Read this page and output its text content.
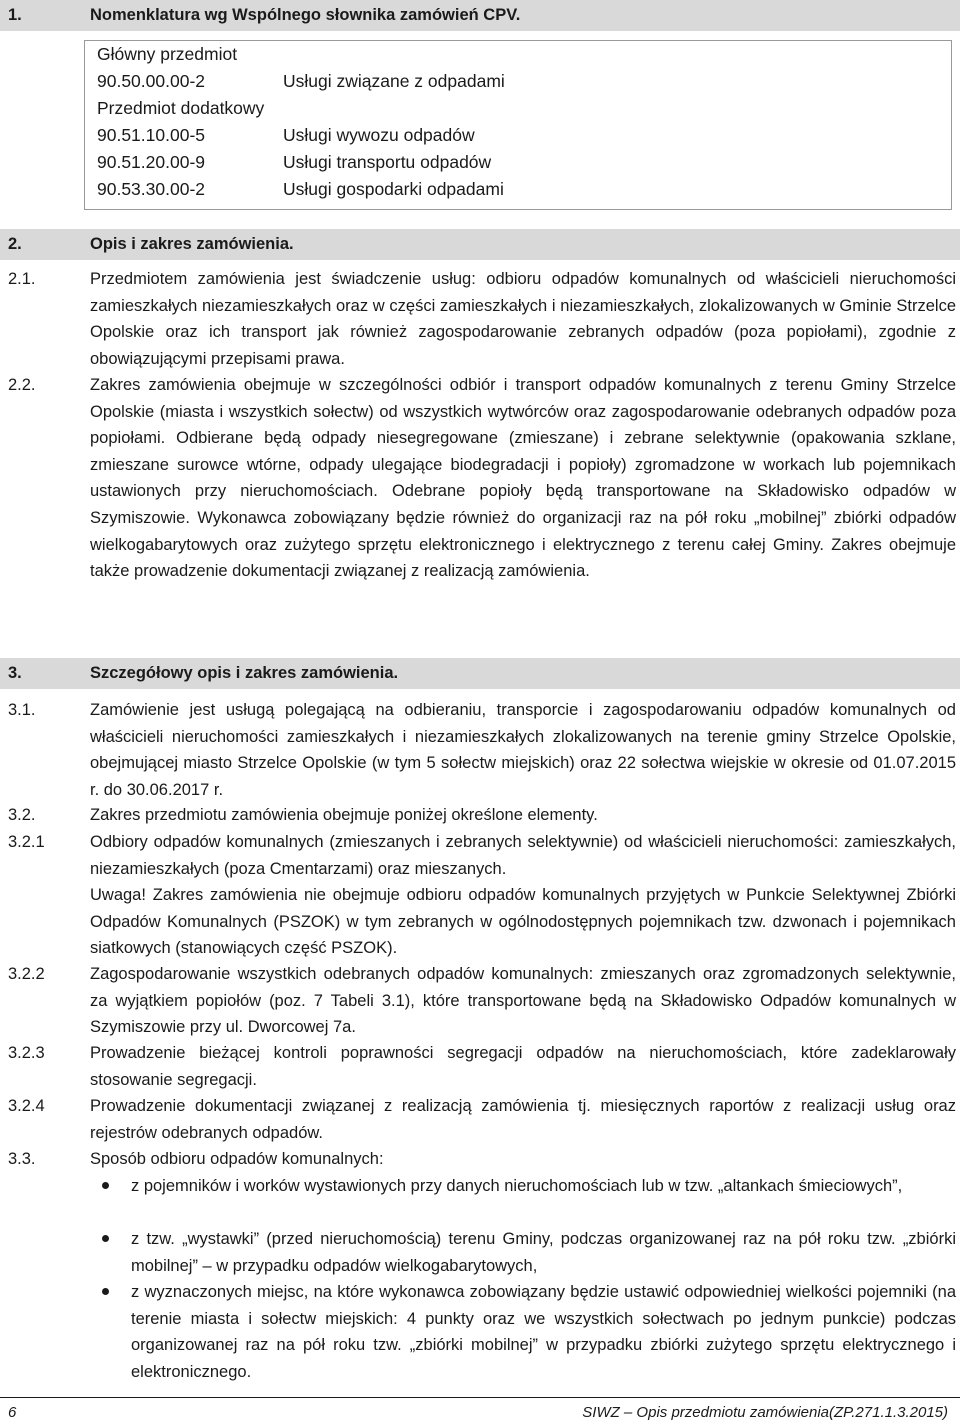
1.	Nomenklatura wg Wspólnego słownika zamówień CPV.
Główny przedmiot
90.50.00.00-2	Usługi związane z odpadami
Przedmiot dodatkowy
90.51.10.00-5	Usługi wywozu odpadów
90.51.20.00-9	Usługi transportu odpadów
90.53.30.00-2	Usługi gospodarki odpadami
2.	Opis i zakres zamówienia.
2.1.	Przedmiotem zamówienia jest świadczenie usług: odbioru odpadów komunalnych od właścicieli nieruchomości zamieszkałych niezamieszkałych oraz w części zamieszkałych i niezamieszkałych, zlokalizowanych w Gminie Strzelce Opolskie oraz ich transport jak również zagospodarowanie zebranych odpadów (poza popiołami), zgodnie z obowiązującymi przepisami prawa.
2.2.	Zakres zamówienia obejmuje w szczególności odbiór i transport odpadów komunalnych z terenu Gminy Strzelce Opolskie (miasta i wszystkich sołectw) od wszystkich wytwórców oraz zagospodarowanie odebranych odpadów poza popiołami. Odbierane będą odpady niesegregowane (zmieszane) i zebrane selektywnie (opakowania szklane, zmieszane surowce wtórne, odpady ulegające biodegradacji i popioły) zgromadzone w workach lub pojemnikach ustawionych przy nieruchomościach. Odebrane popioły będą transportowane na Składowisko odpadów w Szymiszowie. Wykonawca zobowiązany będzie również do organizacji raz na pół roku „mobilnej” zbiórki odpadów wielkogabarytowych oraz zużytego sprzętu elektronicznego i elektrycznego z terenu całej Gminy. Zakres obejmuje także prowadzenie dokumentacji związanej z realizacją zamówienia.
3.	Szczegółowy opis i zakres zamówienia.
3.1.	Zamówienie jest usługą polegającą na odbieraniu, transporcie i zagospodarowaniu odpadów komunalnych od właścicieli nieruchomości zamieszkałych i niezamieszkałych zlokalizowanych na terenie gminy Strzelce Opolskie, obejmującej miasto Strzelce Opolskie (w tym 5 sołectw miejskich) oraz 22 sołectwa wiejskie w okresie od 01.07.2015 r. do 30.06.2017 r.
3.2.	Zakres przedmiotu zamówienia obejmuje poniżej określone elementy.
3.2.1	Odbiory odpadów komunalnych (zmieszanych i zebranych selektywnie) od właścicieli nieruchomości: zamieszkałych, niezamieszkałych (poza Cmentarzami) oraz mieszanych.
Uwaga! Zakres zamówienia nie obejmuje odbioru odpadów komunalnych przyjętych w Punkcie Selektywnej Zbiórki Odpadów Komunalnych (PSZOK) w tym zebranych w ogólnodostępnych pojemnikach tzw. dzwonach i pojemnikach siatkowych (stanowiących część PSZOK).
3.2.2	Zagospodarowanie wszystkich odebranych odpadów komunalnych: zmieszanych oraz zgromadzonych selektywnie, za wyjątkiem popiołów (poz. 7 Tabeli 3.1), które transportowane będą na Składowisko Odpadów komunalnych w Szymiszowie przy ul. Dworcowej 7a.
3.2.3	Prowadzenie bieżącej kontroli poprawności segregacji odpadów na nieruchomościach, które zadeklarowały stosowanie segregacji.
3.2.4	Prowadzenie dokumentacji związanej z realizacją zamówienia tj. miesięcznych raportów z realizacji usług oraz rejestrów odebranych odpadów.
3.3.	Sposób odbioru odpadów komunalnych:
z pojemników i worków wystawionych przy danych nieruchomościach lub w tzw. „altankach śmieciowych”,
z tzw. „wystawki” (przed nieruchomością) terenu Gminy, podczas organizowanej raz na pół roku tzw. „zbiórki mobilnej” – w przypadku odpadów wielkogabarytowych,
z wyznaczonych miejsc, na które wykonawca zobowiązany będzie ustawić odpowiedniej wielkości pojemniki (na terenie miasta i sołectw miejskich: 4 punkty oraz we wszystkich sołectwach po jednym punkcie) podczas organizowanej raz na pół roku tzw. „zbiórki mobilnej” w przypadku zbiórki zużytego sprzętu elektrycznego i elektronicznego.
6	SIWZ – Opis przedmiotu zamówienia(ZP.271.1.3.2015)
